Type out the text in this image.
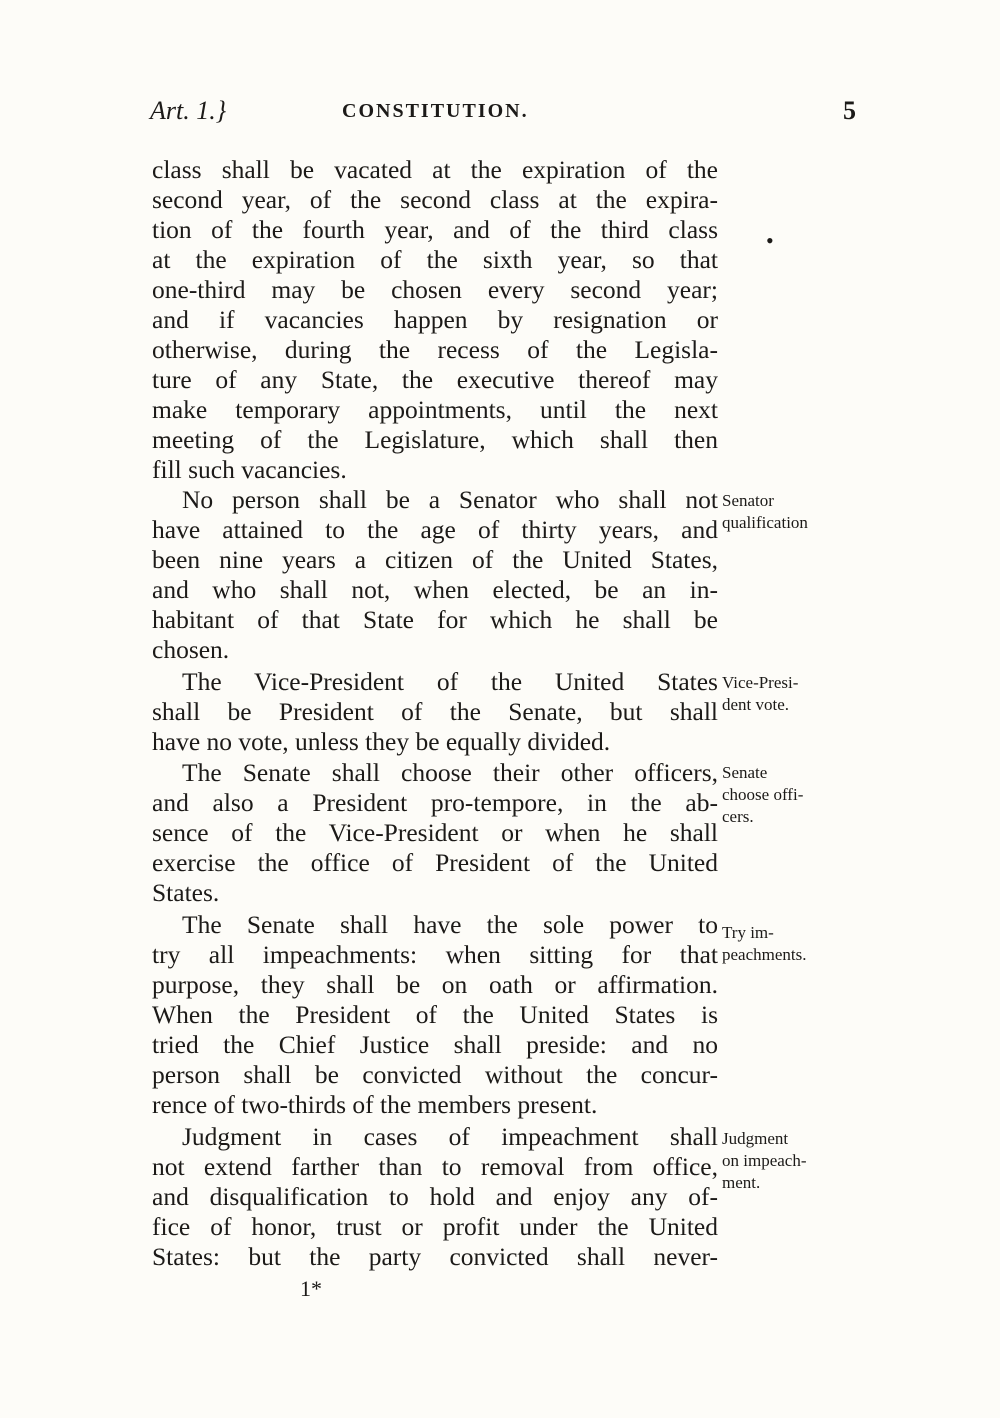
Art. 1.}	CONSTITUTION.	5
class shall be vacated at the expiration of the
second year, of the second class at the expira-
tion of the fourth year, and of the third class
at the expiration of the sixth year, so that
one-third may be chosen every second year;
and if vacancies happen by resignation or
otherwise, during the recess of the Legisla-
ture of any State, the executive thereof may
make temporary appointments, until the next
meeting of the Legislature, which shall then
fill such vacancies.
No person shall be a Senator who shall not
have attained to the age of thirty years, and
been nine years a citizen of the United States,
and who shall not, when elected, be an in-
habitant of that State for which he shall be
chosen.
The Vice-President of the United States
shall be President of the Senate, but shall
have no vote, unless they be equally divided.
The Senate shall choose their other officers,
and also a President pro-tempore, in the ab-
sence of the Vice-President or when he shall
exercise the office of President of the United
States.
The Senate shall have the sole power to
try all impeachments: when sitting for that
purpose, they shall be on oath or affirmation.
When the President of the United States is
tried the Chief Justice shall preside: and no
person shall be convicted without the concur-
rence of two-thirds of the members present.
Judgment in cases of impeachment shall
not extend farther than to removal from office,
and disqualification to hold and enjoy any of-
fice of honor, trust or profit under the United
States: but the party convicted shall never-
•
Senator
qualification
Vice-Presi-
dent vote.
Senate
choose offi-
cers.
Try im-
peachments.
Judgment
on impeach-
ment.
1*
